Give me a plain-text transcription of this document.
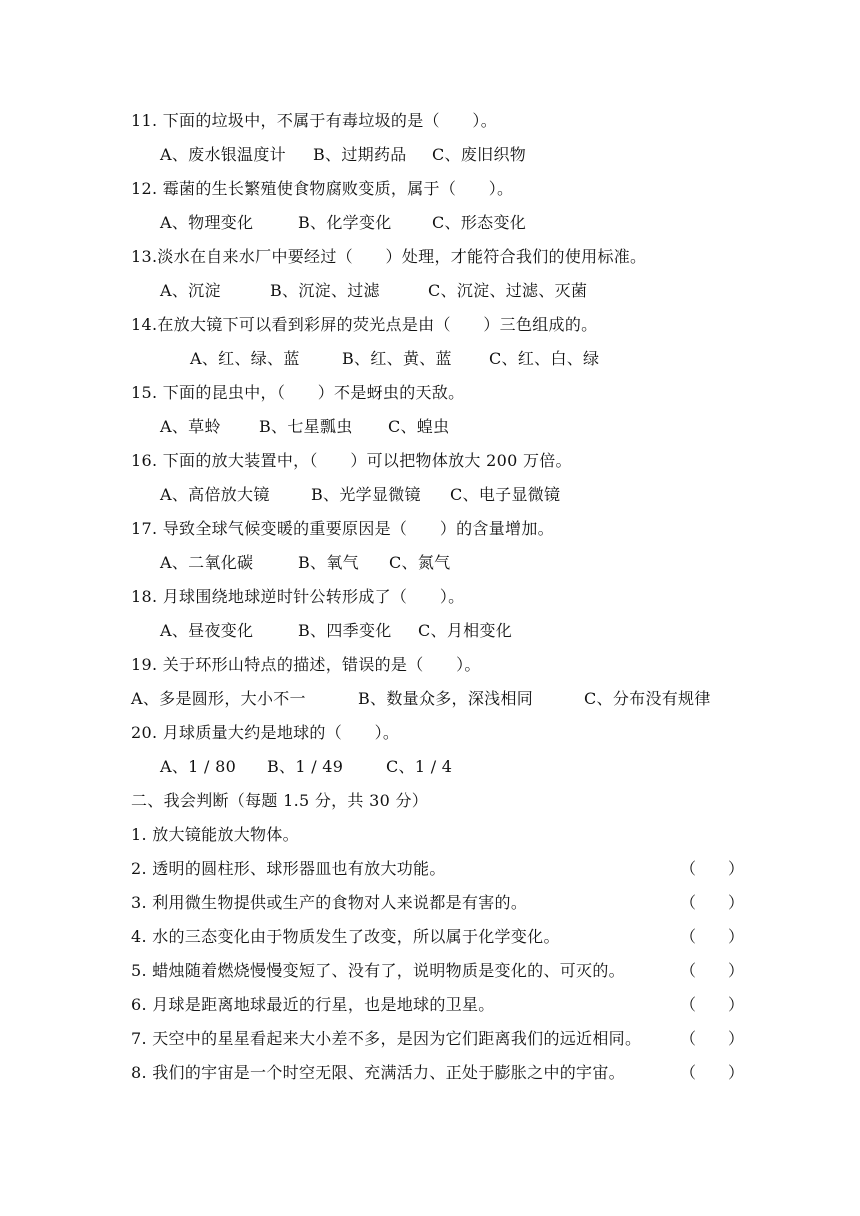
11. 下面的垃圾中，不属于有毒垃圾的是（　　）。
A、废水银温度计 B、过期药品 C、废旧织物
12. 霉菌的生长繁殖使食物腐败变质，属于（　　）。
A、物理变化	B、化学变化	C、形态变化
13.淡水在自来水厂中要经过（　　）处理，才能符合我们的使用标准。
A、沉淀	B、沉淀、过滤	C、沉淀、过滤、灭菌
14.在放大镜下可以看到彩屏的荧光点是由（　　）三色组成的。
A、红、绿、蓝	B、红、黄、蓝 C、红、白、绿
15. 下面的昆虫中，（　　）不是蚜虫的天敌。
A、草蛉 B、七星瓢虫 C、蝗虫
16. 下面的放大装置中，（　　）可以把物体放大 200 万倍。
A、高倍放大镜	B、光学显微镜 C、电子显微镜
17. 导致全球气候变暖的重要原因是（　　）的含量增加。
A、二氧化碳	B、氧气 C、氮气
18. 月球围绕地球逆时针公转形成了（　　）。
A、昼夜变化	B、四季变化 C、月相变化
19. 关于环形山特点的描述，错误的是（　　）。
A、多是圆形，大小不一	B、数量众多，深浅相同	C、分布没有规律
20. 月球质量大约是地球的（　　）。
A、1 / 80 B、1 / 49	C、1 / 4
二、我会判断（每题 1.5 分，共 30 分）
1. 放大镜能放大物体。
2. 透明的圆柱形、球形器皿也有放大功能。	（　　）
3. 利用微生物提供或生产的食物对人来说都是有害的。	（　　）
4. 水的三态变化由于物质发生了改变，所以属于化学变化。	（　　）
5. 蜡烛随着燃烧慢慢变短了、没有了，说明物质是变化的、可灭的。	（　　）
6. 月球是距离地球最近的行星，也是地球的卫星。	（　　）
7. 天空中的星星看起来大小差不多，是因为它们距离我们的远近相同。 （　　）
8. 我们的宇宙是一个时空无限、充满活力、正处于膨胀之中的宇宙。	（　　）
